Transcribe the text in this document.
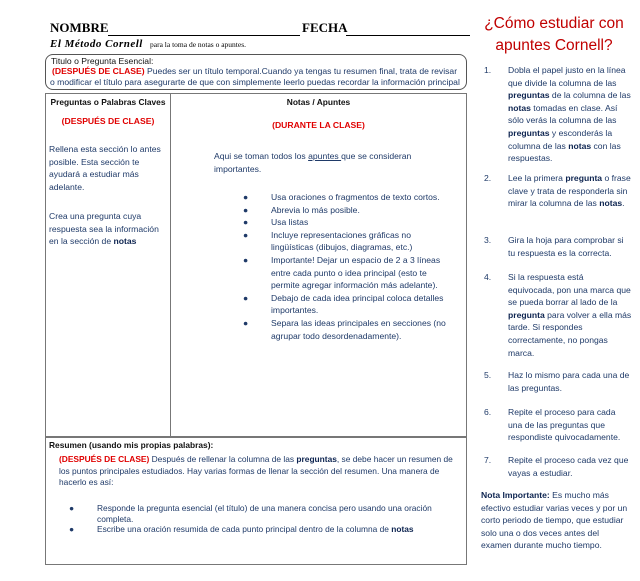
NOMBRE	FECHA
El Método Cornell para la toma de notas o apuntes.
Titulo o Pregunta Esencial:
(DESPUÉS DE CLASE) Puedes ser un título temporal.Cuando ya tengas tu resumen final, trata de revisar
o modificar el título para asegurarte de que con simplemente leerlo puedas recordar la información principal
Preguntas o Palabras Claves
(DESPUÉS DE CLASE)
Rellena esta sección lo antes posible. Esta sección te ayudará a estudiar más adelante.
Crea una pregunta cuya respuesta sea la información en la sección de notas
Notas / Apuntes
(DURANTE LA CLASE)
Aqui se toman todos los apuntes que se consideran importantes.
●	Usa oraciones o fragmentos de texto cortos.
●	Abrevia lo más posible.
●	Usa listas
●	Incluye representaciones gráficas no lingüísticas (dibujos, diagramas, etc.)
●	Importante! Dejar un espacio de 2 a 3 líneas entre cada punto o idea principal (esto te permite agregar información más adelante).
●	Debajo de cada idea principal coloca detalles importantes.
●	Separa las ideas principales en secciones (no agrupar todo desordenadamente).
Resumen (usando mis propias palabras):
(DESPUÉS DE CLASE) Después de rellenar la columna de las preguntas, se debe hacer un resumen de los puntos principales estudiados. Hay varias formas de llenar la sección del resumen. Una manera de hacerlo es así:
●	Responde la pregunta esencial (el título) de una manera concisa pero usando una oración completa.
●	Escribe una oración resumida de cada punto principal dentro de la columna de notas
¿Cómo estudiar con apuntes Cornell?
1. Dobla el papel justo en la línea que divide la columna de las preguntas de la columna de las notas tomadas en clase. Así sólo verás la columna de las preguntas y esconderás la columna de las notas con las respuestas.
2. Lee la primera pregunta o frase clave y trata de responderla sin mirar la columna de las notas.
3. Gira la hoja para comprobar si tu respuesta es la correcta.
4. Si la respuesta está equivocada, pon una marca que se pueda borrar al lado de la pregunta para volver a ella más tarde. Si respondes correctamente, no pongas marca.
5. Haz lo mismo para cada una de las preguntas.
6. Repite el proceso para cada una de las preguntas que respondiste quivocadamente.
7. Repite el proceso cada vez que vayas a estudiar.
Nota Importante: Es mucho más efectivo estudiar varias veces y por un corto periodo de tiempo, que estudiar solo una o dos veces antes del examen durante mucho tiempo.
